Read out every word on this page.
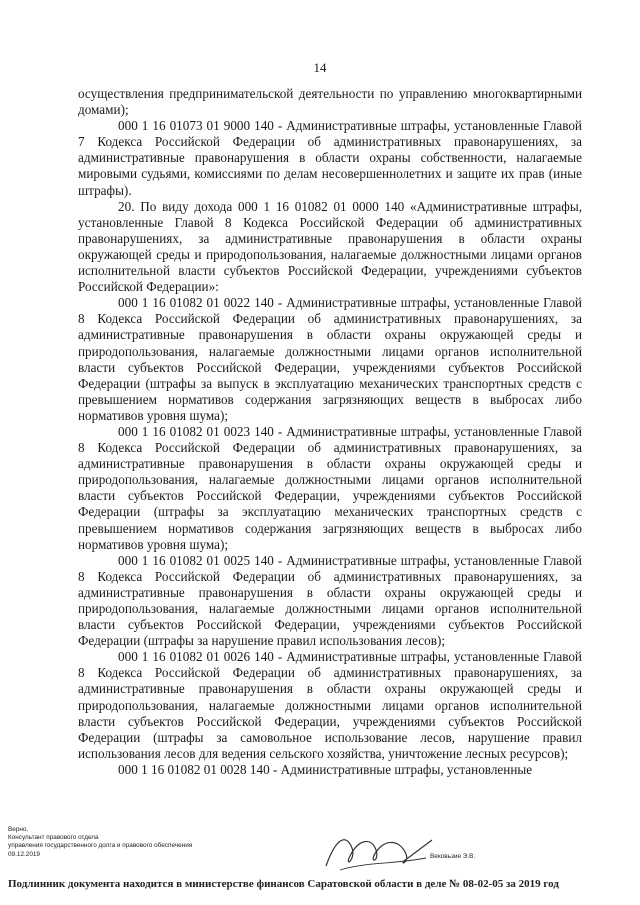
14

осуществления предпринимательской деятельности по управлению многоквартирными домами);

000 1 16 01073 01 9000 140 - Административные штрафы, установленные Главой 7 Кодекса Российской Федерации об административных правонарушениях, за административные правонарушения в области охраны собственности, налагаемые мировыми судьями, комиссиями по делам несовершеннолетних и защите их прав (иные штрафы).

20. По виду дохода 000 1 16 01082 01 0000 140 «Административные штрафы, установленные Главой 8 Кодекса Российской Федерации об административных правонарушениях, за административные правонарушения в области охраны окружающей среды и природопользования, налагаемые должностными лицами органов исполнительной власти субъектов Российской Федерации, учреждениями субъектов Российской Федерации»:

000 1 16 01082 01 0022 140 - Административные штрафы, установленные Главой 8 Кодекса Российской Федерации об административных правонарушениях, за административные правонарушения в области охраны окружающей среды и природопользования, налагаемые должностными лицами органов исполнительной власти субъектов Российской Федерации, учреждениями субъектов Российской Федерации (штрафы за выпуск в эксплуатацию механических транспортных средств с превышением нормативов содержания загрязняющих веществ в выбросах либо нормативов уровня шума);

000 1 16 01082 01 0023 140 - Административные штрафы, установленные Главой 8 Кодекса Российской Федерации об административных правонарушениях, за административные правонарушения в области охраны окружающей среды и природопользования, налагаемые должностными лицами органов исполнительной власти субъектов Российской Федерации, учреждениями субъектов Российской Федерации (штрафы за эксплуатацию механических транспортных средств с превышением нормативов содержания загрязняющих веществ в выбросах либо нормативов уровня шума);

000 1 16 01082 01 0025 140 - Административные штрафы, установленные Главой 8 Кодекса Российской Федерации об административных правонарушениях, за административные правонарушения в области охраны окружающей среды и природопользования, налагаемые должностными лицами органов исполнительной власти субъектов Российской Федерации, учреждениями субъектов Российской Федерации (штрафы за нарушение правил использования лесов);

000 1 16 01082 01 0026 140 - Административные штрафы, установленные Главой 8 Кодекса Российской Федерации об административных правонарушениях, за административные правонарушения в области охраны окружающей среды и природопользования, налагаемые должностными лицами органов исполнительной власти субъектов Российской Федерации, учреждениями субъектов Российской Федерации (штрафы за самовольное использование лесов, нарушение правил использования лесов для ведения сельского хозяйства, уничтожение лесных ресурсов);

000 1 16 01082 01 0028 140 - Административные штрафы, установленные

Верно.
Консультант правового отдела
управления государственного долга и правового обеспечения
09.12.2019	Вековьзиe Э.В.
Подлинник документа находится в министерстве финансов Саратовской области в деле № 08-02-05 за 2019 год
